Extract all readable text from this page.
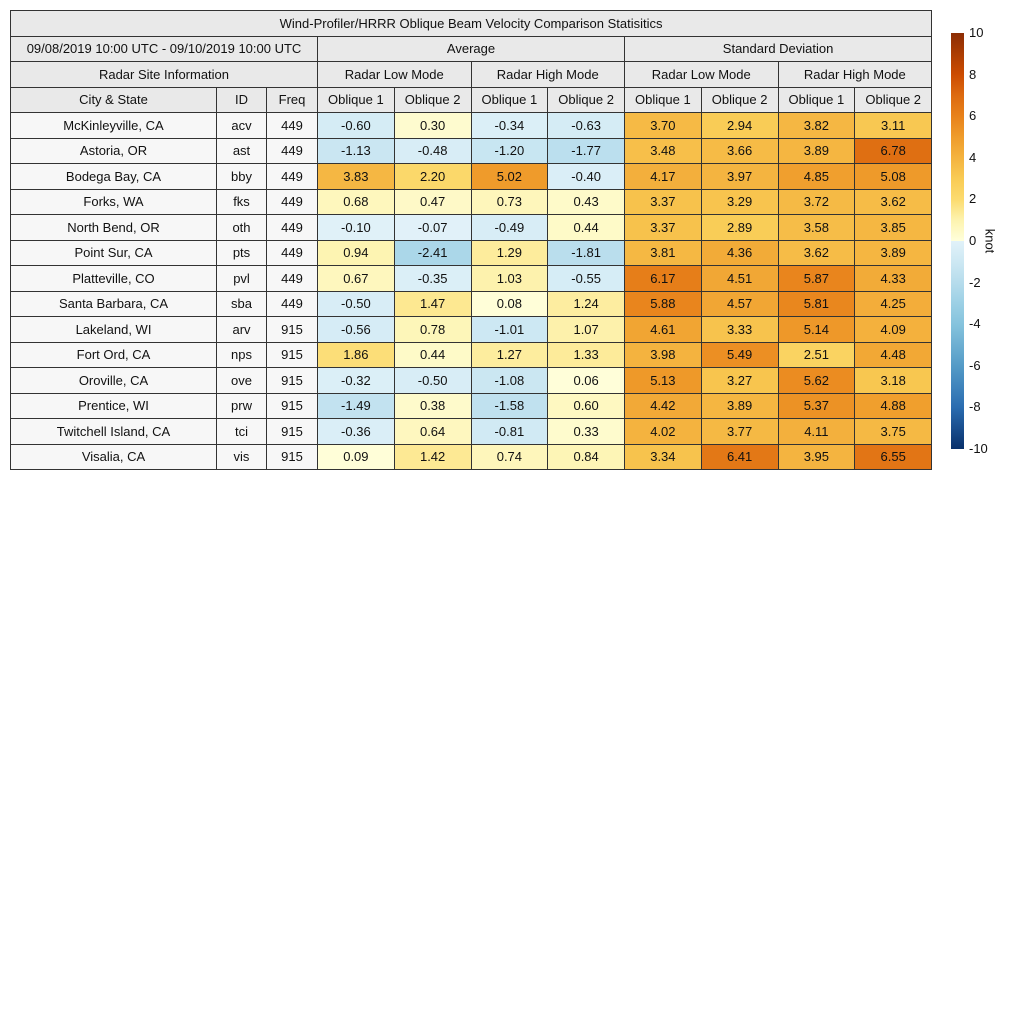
Wind-Profiler/HRRR Oblique Beam Velocity Comparison Statisitics										
09/08/2019 10:00 UTC - 09/10/2019 10:00 UTC			Average				Standard Deviation			
Radar Site Information			Radar Low Mode		Radar High Mode		Radar Low Mode		Radar High Mode	
City & State	ID	Freq	Oblique 1	Oblique 2	Oblique 1	Oblique 2	Oblique 1	Oblique 2	Oblique 1	Oblique 2
McKinleyville, CA	acv	449	-0.60	0.30	-0.34	-0.63	3.70	2.94	3.82	3.11
Astoria, OR	ast	449	-1.13	-0.48	-1.20	-1.77	3.48	3.66	3.89	6.78
Bodega Bay, CA	bby	449	3.83	2.20	5.02	-0.40	4.17	3.97	4.85	5.08
Forks, WA	fks	449	0.68	0.47	0.73	0.43	3.37	3.29	3.72	3.62
North Bend, OR	oth	449	-0.10	-0.07	-0.49	0.44	3.37	2.89	3.58	3.85
Point Sur, CA	pts	449	0.94	-2.41	1.29	-1.81	3.81	4.36	3.62	3.89
Platteville, CO	pvl	449	0.67	-0.35	1.03	-0.55	6.17	4.51	5.87	4.33
Santa Barbara, CA	sba	449	-0.50	1.47	0.08	1.24	5.88	4.57	5.81	4.25
Lakeland, WI	arv	915	-0.56	0.78	-1.01	1.07	4.61	3.33	5.14	4.09
Fort Ord, CA	nps	915	1.86	0.44	1.27	1.33	3.98	5.49	2.51	4.48
Oroville, CA	ove	915	-0.32	-0.50	-1.08	0.06	5.13	3.27	5.62	3.18
Prentice, WI	prw	915	-1.49	0.38	-1.58	0.60	4.42	3.89	5.37	4.88
Twitchell Island, CA	tci	915	-0.36	0.64	-0.81	0.33	4.02	3.77	4.11	3.75
Visalia, CA	vis	915	0.09	1.42	0.74	0.84	3.34	6.41	3.95	6.55
10
8
6
4
2
0
-2
-4
-6
-8
-10
knot
